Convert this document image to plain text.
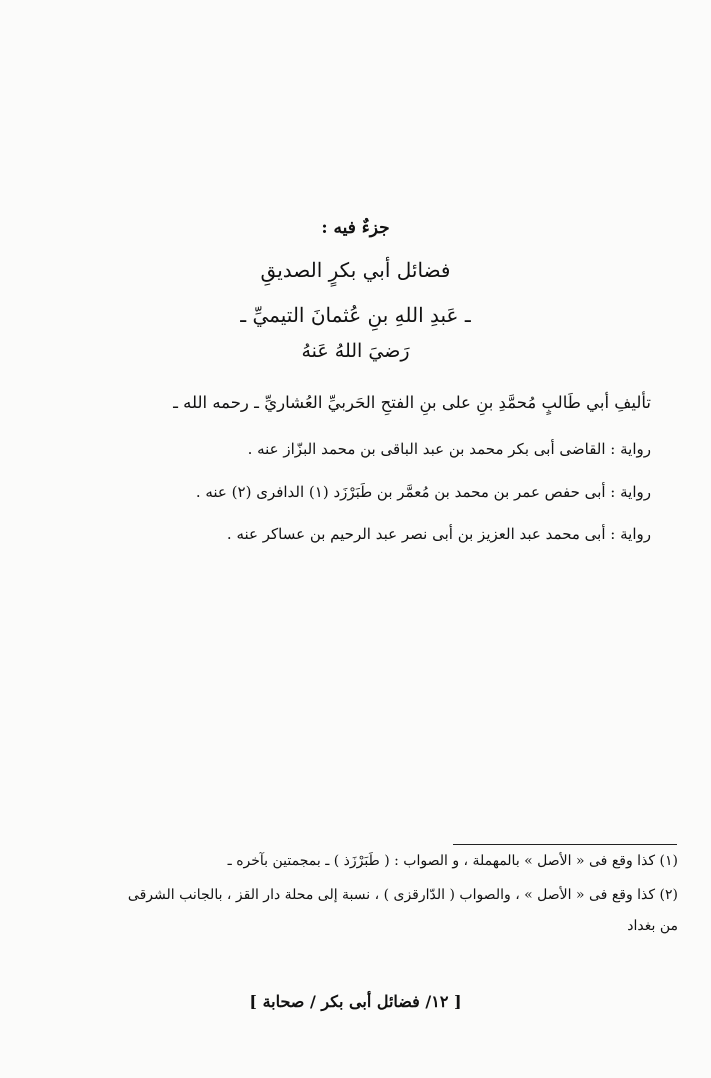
جزءٌ فيه :
فضائل أبي بكرٍ الصديقِ
ـ عَبدِ اللهِ بنِ عُثمانَ التيميِّ ـ
رَضيَ اللهُ عَنهُ
تأليفِ أبي طَالبٍ مُحمَّدِ بنِ على بنِ الفتحِ الحَربيِّ العُشاريِّ ـ رحمه الله ـ
رواية : القاضى أبى بكر محمد بن عبد الباقى بن محمد البزّاز عنه .
رواية : أبى حفص عمر بن محمد بن مُعمَّر بن طَبَرْزَد (١) الدافرى (٢) عنه .
رواية : أبى محمد عبد العزيز بن أبى نصر عبد الرحيم بن عساكر عنه .
(١) كذا وقع فى « الأصل » بالمهملة ، و الصواب : ( طَبَرْزَذ ) ـ بمجمتين بآخره ـ
(٢) كذا وقع فى « الأصل » ، والصواب ( الدّارقزى ) ، نسبة إلى محلة دار القز ، بالجانب الشرقى
من بغداد
[ ١٢/ فضائل أبى بكر / صحابة ]
